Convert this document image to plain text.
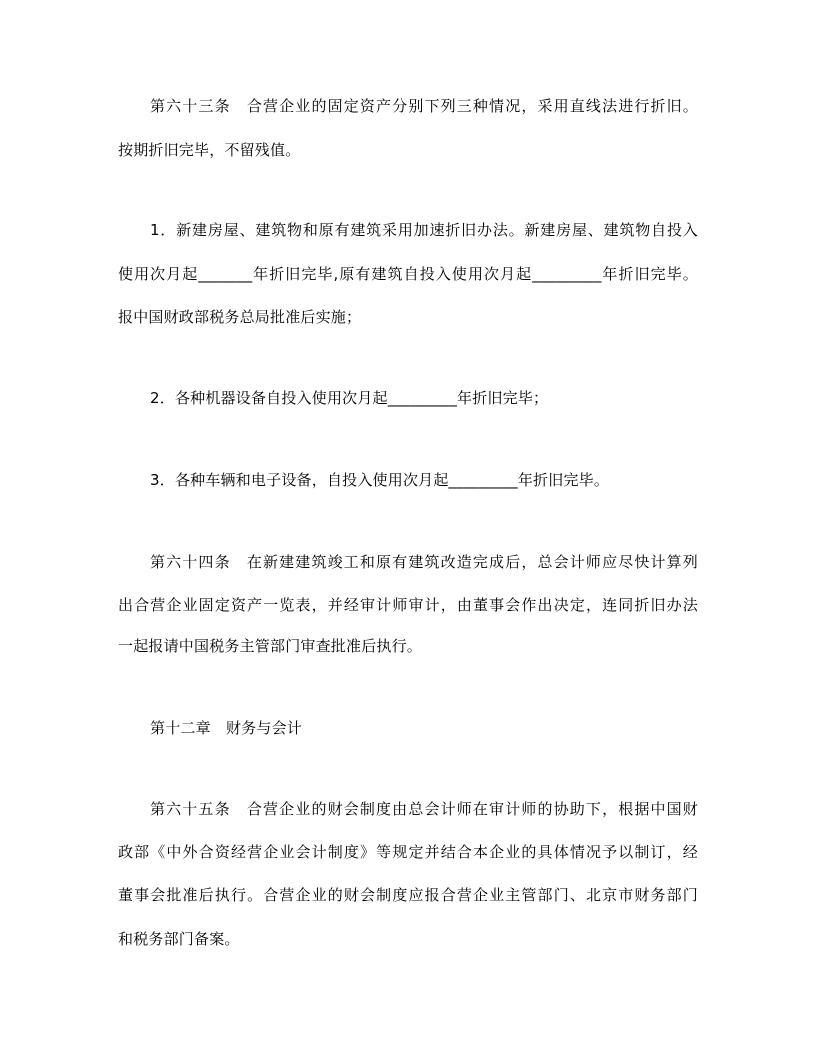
第六十三条　合营企业的固定资产分别下列三种情况，采用直线法进行折旧。
按期折旧完毕，不留残值。
1．新建房屋、建筑物和原有建筑采用加速折旧办法。新建房屋、建筑物自投入
使用次月起_______年折旧完毕,原有建筑自投入使用次月起_________年折旧完毕。
报中国财政部税务总局批准后实施；
2．各种机器设备自投入使用次月起_________年折旧完毕；
3．各种车辆和电子设备，自投入使用次月起_________年折旧完毕。
第六十四条　在新建建筑竣工和原有建筑改造完成后，总会计师应尽快计算列
出合营企业固定资产一览表，并经审计师审计，由董事会作出决定，连同折旧办法
一起报请中国税务主管部门审查批准后执行。
第十二章　财务与会计
第六十五条　合营企业的财会制度由总会计师在审计师的协助下，根据中国财
政部《中外合资经营企业会计制度》等规定并结合本企业的具体情况予以制订，经
董事会批准后执行。合营企业的财会制度应报合营企业主管部门、北京市财务部门
和税务部门备案。
